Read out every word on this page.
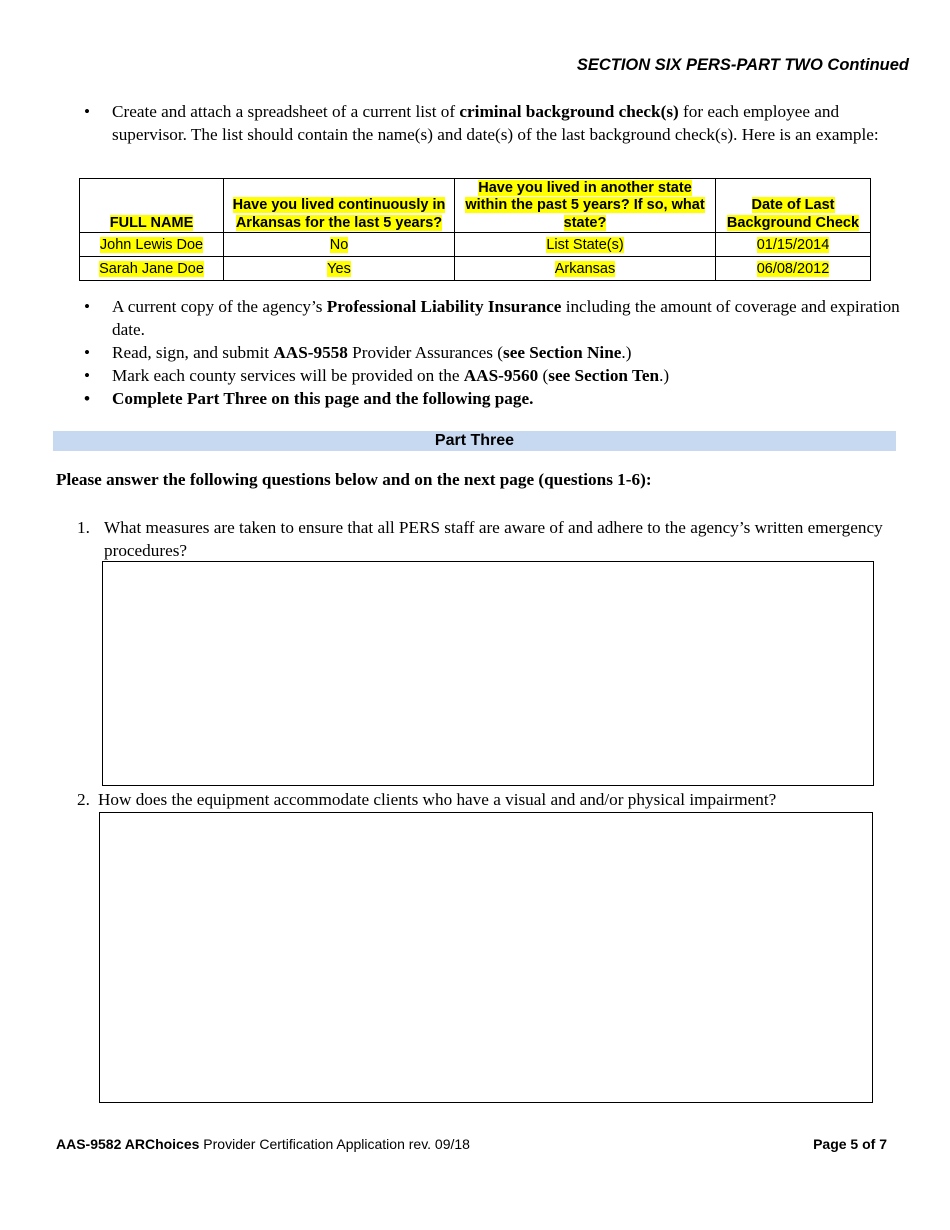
SECTION SIX PERS-PART TWO Continued
• Create and attach a spreadsheet of a current list of criminal background check(s) for each employee and supervisor. The list should contain the name(s) and date(s) of the last background check(s). Here is an example:
FULL NAME	Have you lived continuously in Arkansas for the last 5 years?	Have you lived in another state within the past 5 years? If so, what state?	Date of Last Background Check
John Lewis Doe	No	List State(s)	01/15/2014
Sarah Jane Doe	Yes	Arkansas	06/08/2012
• A current copy of the agency’s Professional Liability Insurance including the amount of coverage and expiration date.
• Read, sign, and submit AAS-9558 Provider Assurances (see Section Nine.)
• Mark each county services will be provided on the AAS-9560 (see Section Ten.)
• Complete Part Three on this page and the following page.
Part Three
Please answer the following questions below and on the next page (questions 1-6):
1. What measures are taken to ensure that all PERS staff are aware of and adhere to the agency’s written emergency procedures?
2. How does the equipment accommodate clients who have a visual and and/or physical impairment?
AAS-9582 ARChoices Provider Certification Application rev. 09/18	Page 5 of 7
